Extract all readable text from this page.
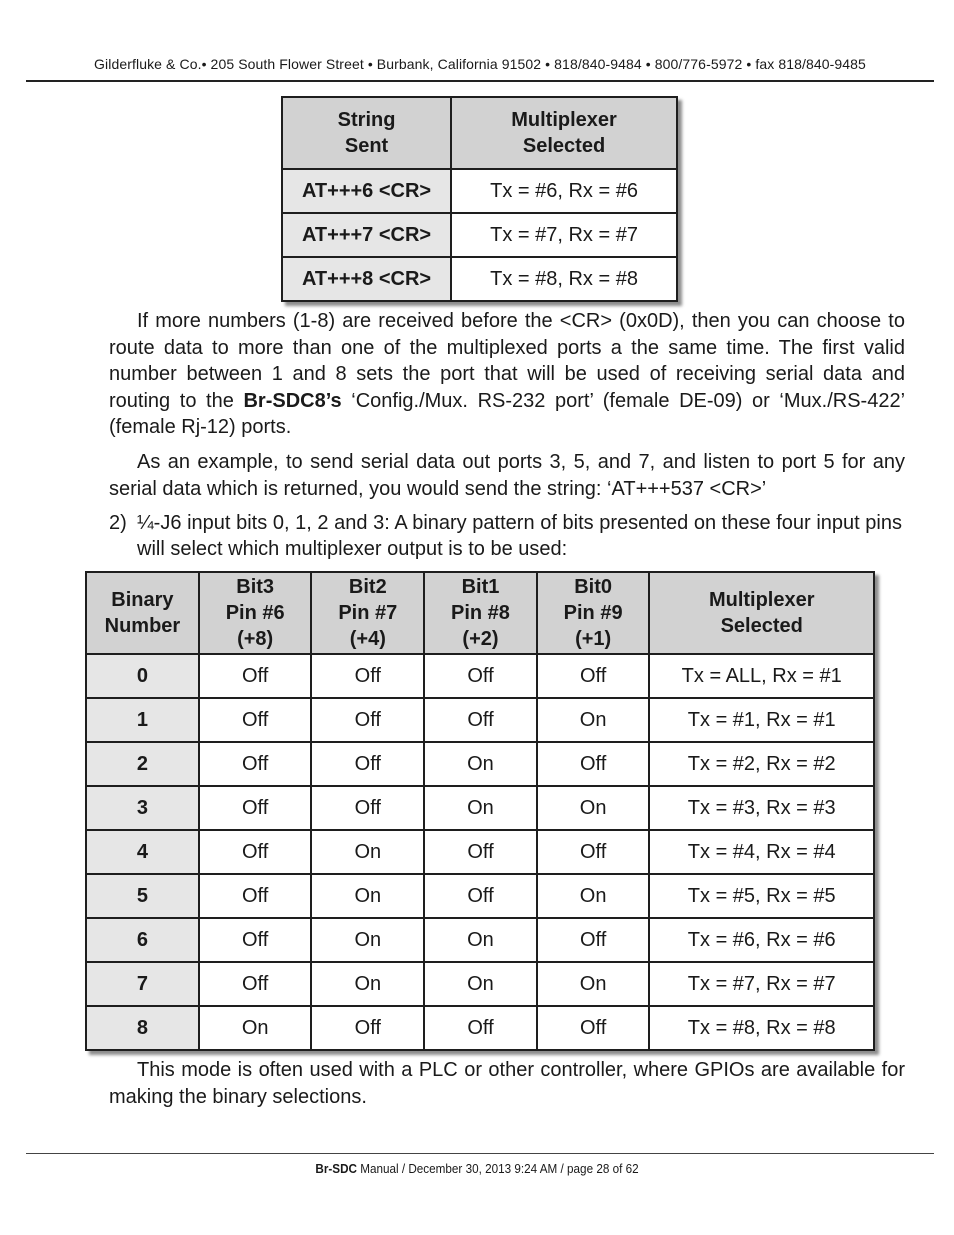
Gilderfluke & Co.• 205 South Flower Street • Burbank, California 91502 • 818/840-9484 • 800/776-5972 • fax 818/840-9485
String
Sent	Multiplexer
Selected
AT+++6 <CR>	Tx = #6, Rx = #6
AT+++7 <CR>	Tx = #7, Rx = #7
AT+++8 <CR>	Tx = #8, Rx = #8

If more numbers (1-8) are received before the <CR> (0x0D), then you can choose to route data to more than one of the multiplexed ports a the same time. The first valid number between 1 and 8 sets the port that will be used of receiving serial data and routing to the Br-SDC8’s ‘Config./Mux. RS-232 port’ (female DE-09) or ‘Mux./RS-422’ (female Rj-12) ports.

As an example, to send serial data out ports 3, 5, and 7, and listen to port 5 for any serial data which is returned, you would send the string: ‘AT+++537 <CR>’

2) ¼-J6 input bits 0, 1, 2 and 3: A binary pattern of bits presented on these four input pins will select which multiplexer output is to be used:
Binary
Number	Bit3
Pin #6
(+8)	Bit2
Pin #7
(+4)	Bit1
Pin #8
(+2)	Bit0
Pin #9
(+1)	Multiplexer
Selected
0	Off	Off	Off	Off	Tx = ALL, Rx = #1
1	Off	Off	Off	On	Tx = #1, Rx = #1
2	Off	Off	On	Off	Tx = #2, Rx = #2
3	Off	Off	On	On	Tx = #3, Rx = #3
4	Off	On	Off	Off	Tx = #4, Rx = #4
5	Off	On	Off	On	Tx = #5, Rx = #5
6	Off	On	On	Off	Tx = #6, Rx = #6
7	Off	On	On	On	Tx = #7, Rx = #7
8	On	Off	Off	Off	Tx = #8, Rx = #8

This mode is often used with a PLC or other controller, where GPIOs are available for making the binary selections.

Br-SDC Manual / December 30, 2013 9:24 AM / page 28 of 62
